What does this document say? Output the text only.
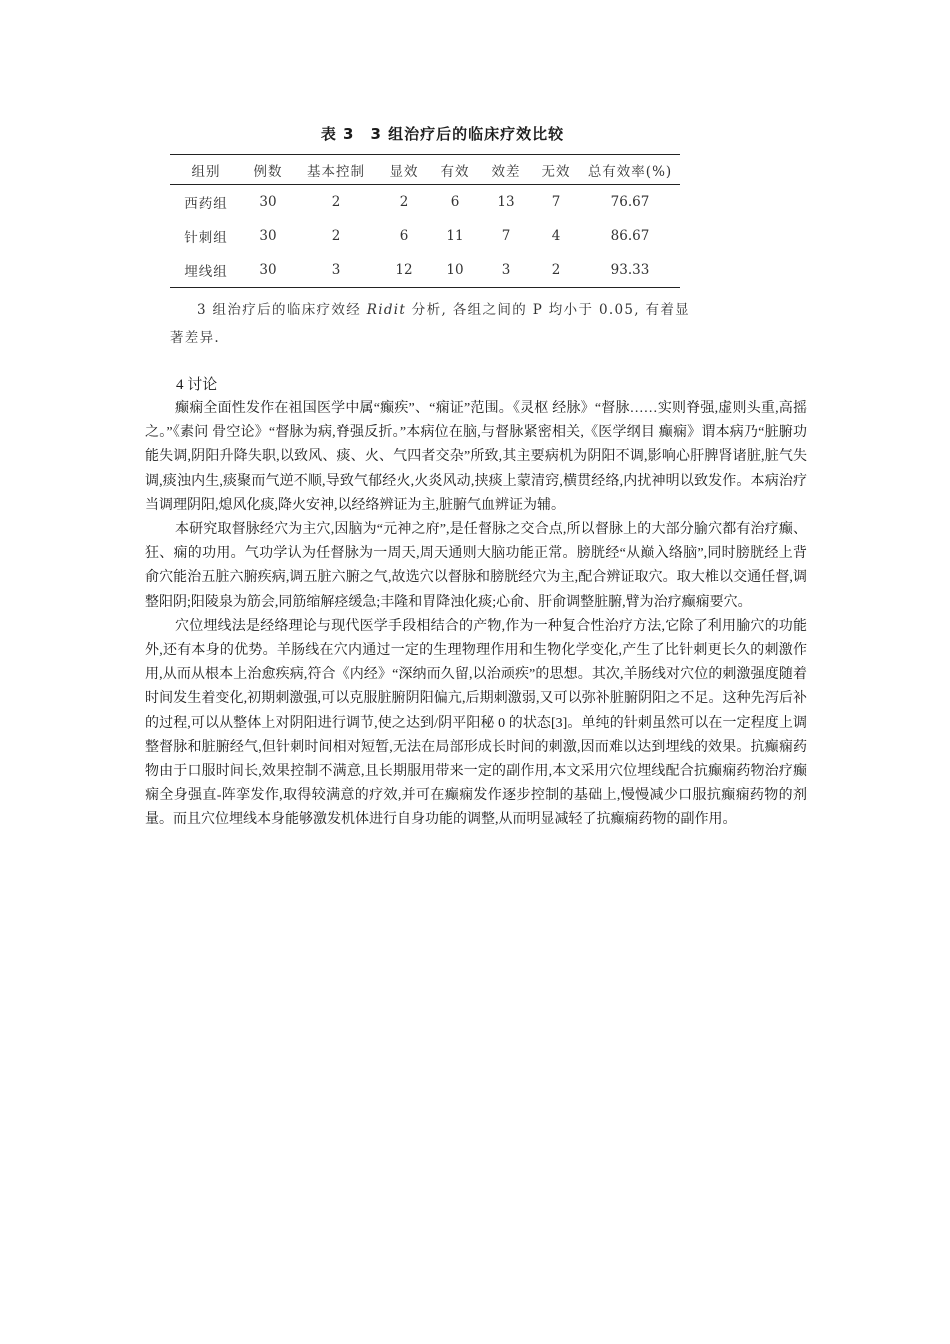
表 3　3 组治疗后的临床疗效比较
组别	例数	基本控制	显效	有效	效差	无效	总有效率(%)
西药组	30	2	2	6	13	7	76.67
针刺组	30	2	6	11	7	4	86.67
埋线组	30	3	12	10	3	2	93.33

3 组治疗后的临床疗效经 Ridit 分析, 各组之间的 P 均小于 0.05, 有着显著差异.

4 讨论

癫痫全面性发作在祖国医学中属“癫疾”、“痫证”范围。《灵枢 经脉》“督脉……实则脊强,虚则头重,高摇之。”《素问 骨空论》“督脉为病,脊强反折。”本病位在脑,与督脉紧密相关,《医学纲目 癫痫》谓本病乃“脏腑功能失调,阴阳升降失职,以致风、痰、火、气四者交杂”所致,其主要病机为阴阳不调,影响心肝脾肾诸脏,脏气失调,痰浊内生,痰聚而气逆不顺,导致气郁经火,火炎风动,挟痰上蒙清窍,横贯经络,内扰神明以致发作。本病治疗当调理阴阳,熄风化痰,降火安神,以经络辨证为主,脏腑气血辨证为辅。

本研究取督脉经穴为主穴,因脑为“元神之府”,是任督脉之交合点,所以督脉上的大部分腧穴都有治疗癫、狂、痫的功用。气功学认为任督脉为一周天,周天通则大脑功能正常。膀胱经“从巅入络脑”,同时膀胱经上背俞穴能治五脏六腑疾病,调五脏六腑之气,故选穴以督脉和膀胱经穴为主,配合辨证取穴。取大椎以交通任督,调整阳阴;阳陵泉为筋会,同筋缩解痉缓急;丰隆和胃降浊化痰;心俞、肝俞调整脏腑,臂为治疗癫痫要穴。

穴位埋线法是经络理论与现代医学手段相结合的产物,作为一种复合性治疗方法,它除了利用腧穴的功能外,还有本身的优势。羊肠线在穴内通过一定的生理物理作用和生物化学变化,产生了比针刺更长久的刺激作用,从而从根本上治愈疾病,符合《内经》“深纳而久留,以治顽疾”的思想。其次,羊肠线对穴位的刺激强度随着时间发生着变化,初期刺激强,可以克服脏腑阴阳偏亢,后期刺激弱,又可以弥补脏腑阴阳之不足。这种先泻后补的过程,可以从整体上对阴阳进行调节,使之达到/阴平阳秘 0 的状态[3]。单纯的针刺虽然可以在一定程度上调整督脉和脏腑经气,但针刺时间相对短暂,无法在局部形成长时间的刺激,因而难以达到埋线的效果。抗癫痫药物由于口服时间长,效果控制不满意,且长期服用带来一定的副作用,本文采用穴位埋线配合抗癫痫药物治疗癫痫全身强直-阵挛发作,取得较满意的疗效,并可在癫痫发作逐步控制的基础上,慢慢减少口服抗癫痫药物的剂量。而且穴位埋线本身能够激发机体进行自身功能的调整,从而明显减轻了抗癫痫药物的副作用。
